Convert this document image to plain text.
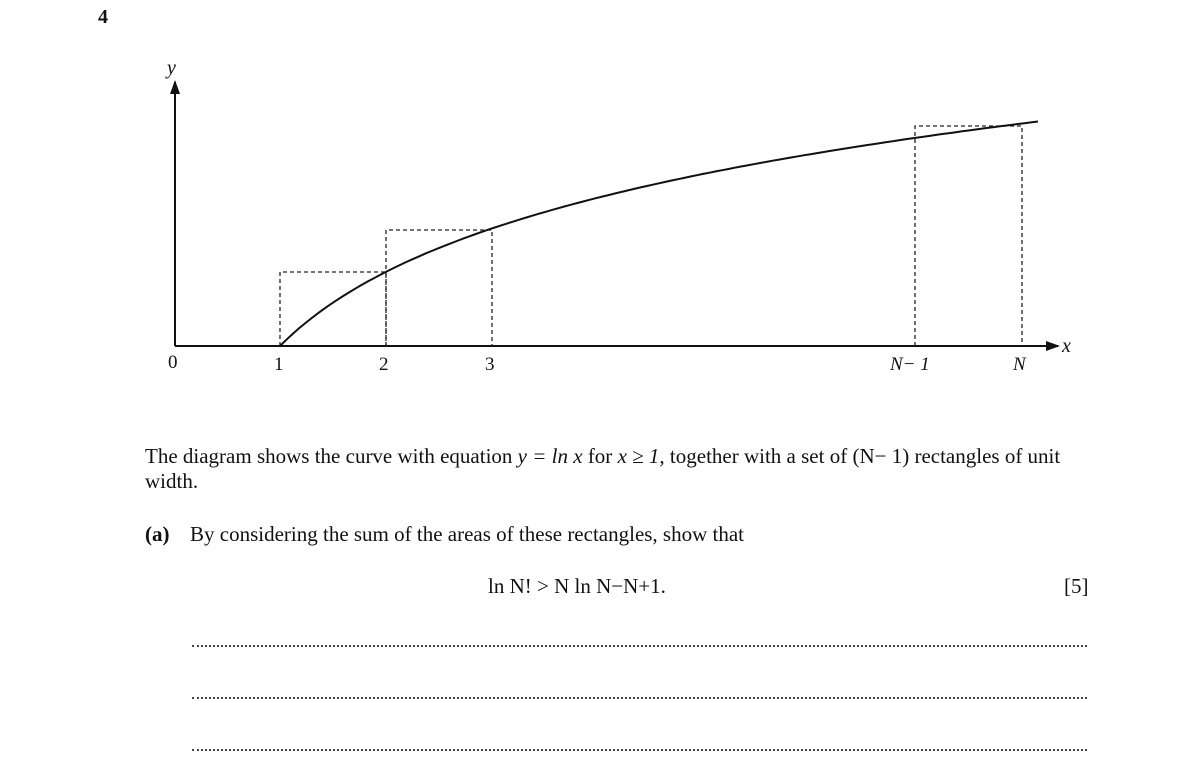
4
y
x
0	1	2	3	N− 1	N
The diagram shows the curve with equation y = ln x for x ≥ 1, together with a set of (N− 1) rectangles of unit width.
(a) By considering the sum of the areas of these rectangles, show that
ln N! > N ln N−N+1.	[5]
